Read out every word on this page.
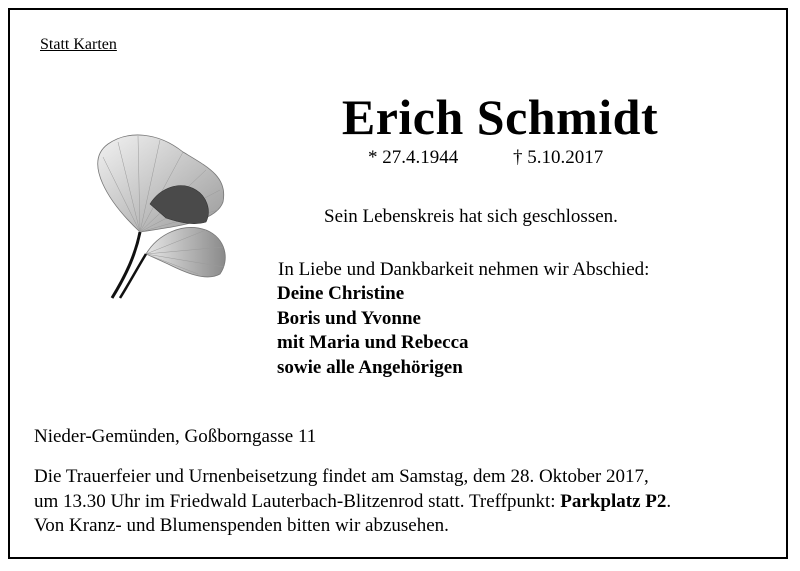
Statt Karten
Erich Schmidt
* 27.4.1944	† 5.10.2017
Sein Lebenskreis hat sich geschlossen.
In Liebe und Dankbarkeit nehmen wir Abschied:
Deine Christine
Boris und Yvonne
mit Maria und Rebecca
sowie alle Angehörigen
Nieder-Gemünden, Goßborngasse 11
Die Trauerfeier und Urnenbeisetzung findet am Samstag, dem 28. Oktober 2017,
um 13.30 Uhr im Friedwald Lauterbach-Blitzenrod statt. Treffpunkt: Parkplatz P2.
Von Kranz- und Blumenspenden bitten wir abzusehen.
